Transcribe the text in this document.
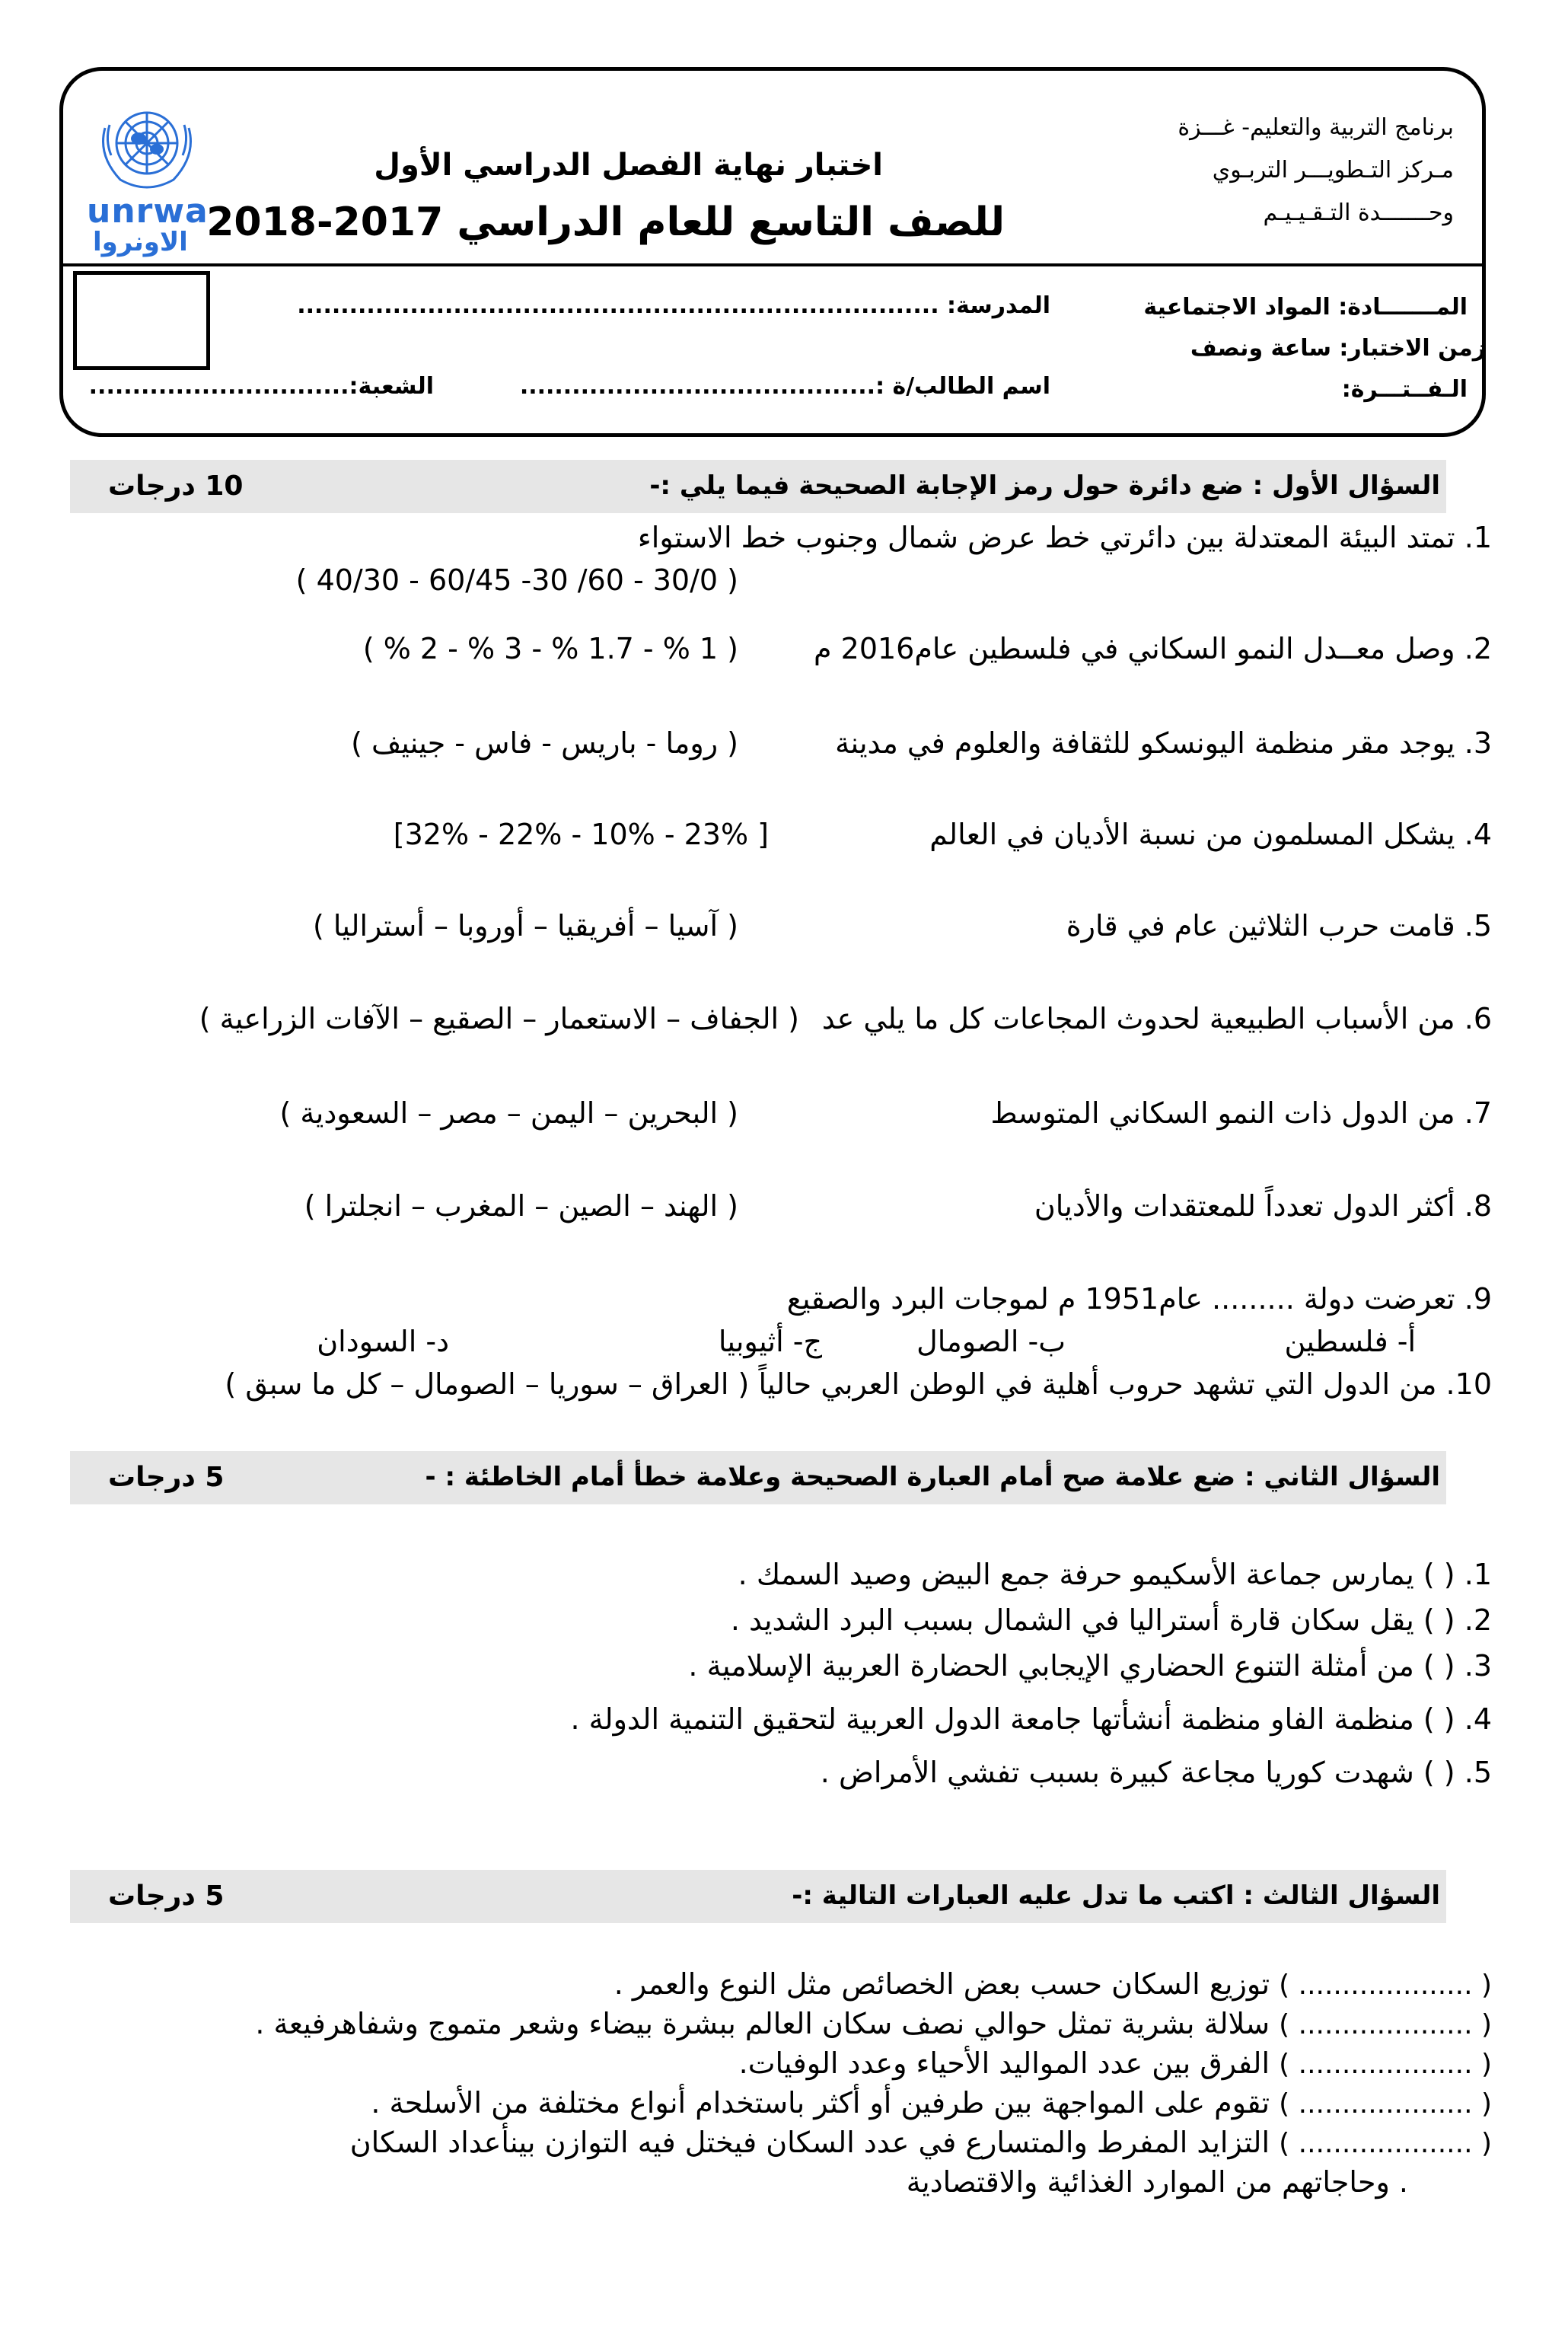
برنامج التربية والتعليم- غـــزة
مـركز التـطويـــر التربـوي
وحـــــــدة التـقـيـيـم
اختبار نهاية الفصل الدراسي الأول
للصف التاسع للعام الدراسي 2017-2018
unrwa
الاونروا
المـــــــادة: المواد الاجتماعية
زمن الاختبار: ساعة ونصف
الـفــتـــرة:
المدرسة: ..........................................................................
اسم الطالب/ة :.........................................
الشعبة:..............................
السؤال الأول : ضع دائرة حول رمز الإجابة الصحيحة فيما يلي :-
10 درجات
1. تمتد البيئة المعتدلة بين دائرتي خط عرض شمال وجنوب خط الاستواء
( 30/0 - 60/ 30- 60/45 - 40/30 )
2. وصل معــدل النمو السكاني في فلسطين عام2016 م
( 1 % - 1.7 % - 3 % - 2 % )
3. يوجد مقر منظمة اليونسكو للثقافة والعلوم في مدينة
( روما - باريس - فاس - جينيف )
4. يشكل المسلمون من نسبة الأديان في العالم
[ 23% - 10% - 22% - 32%]
5. قامت حرب الثلاثين عام في قارة
( آسيا – أفريقيا – أوروبا – أستراليا )
6. من الأسباب الطبيعية لحدوث المجاعات كل ما يلي عد
( الجفاف – الاستعمار – الصقيع – الآفات الزراعية )
7. من الدول ذات النمو السكاني المتوسط
( البحرين – اليمن – مصر – السعودية )
8. أكثر الدول تعدداً للمعتقدات والأديان
( الهند – الصين – المغرب – انجلترا )
9. تعرضت دولة ......... عام1951 م لموجات البرد والصقيع
أ- فلسطين
ب- الصومال
ج- أثيوبيا
د- السودان
10. من الدول التي تشهد حروب أهلية في الوطن العربي حالياً ( العراق – سوريا – الصومال – كل ما سبق )
السؤال الثاني : ضع علامة صح أمام العبارة الصحيحة وعلامة خطأ أمام الخاطئة : -
5 درجات
1. ( ) يمارس جماعة الأسكيمو حرفة جمع البيض وصيد السمك .
2. ( ) يقل سكان قارة أستراليا في الشمال بسبب البرد الشديد .
3. ( ) من أمثلة التنوع الحضاري الإيجابي الحضارة العربية الإسلامية .
4. ( ) منظمة الفاو منظمة أنشأتها جامعة الدول العربية لتحقيق التنمية الدولة .
5. ( ) شهدت كوريا مجاعة كبيرة بسبب تفشي الأمراض .
السؤال الثالث : اكتب ما تدل عليه العبارات التالية :-
5 درجات
( .................... ) توزيع السكان حسب بعض الخصائص مثل النوع والعمر .
( .................... ) سلالة بشرية تمثل حوالي نصف سكان العالم ببشرة بيضاء وشعر متموج وشفاهرفيعة .
( .................... ) الفرق بين عدد المواليد الأحياء وعدد الوفيات.
( .................... ) تقوم على المواجهة بين طرفين أو أكثر باستخدام أنواع مختلفة من الأسلحة .
( .................... ) التزايد المفرط والمتسارع في عدد السكان فيختل فيه التوازن بينأعداد السكان
. وحاجاتهم من الموارد الغذائية والاقتصادية
